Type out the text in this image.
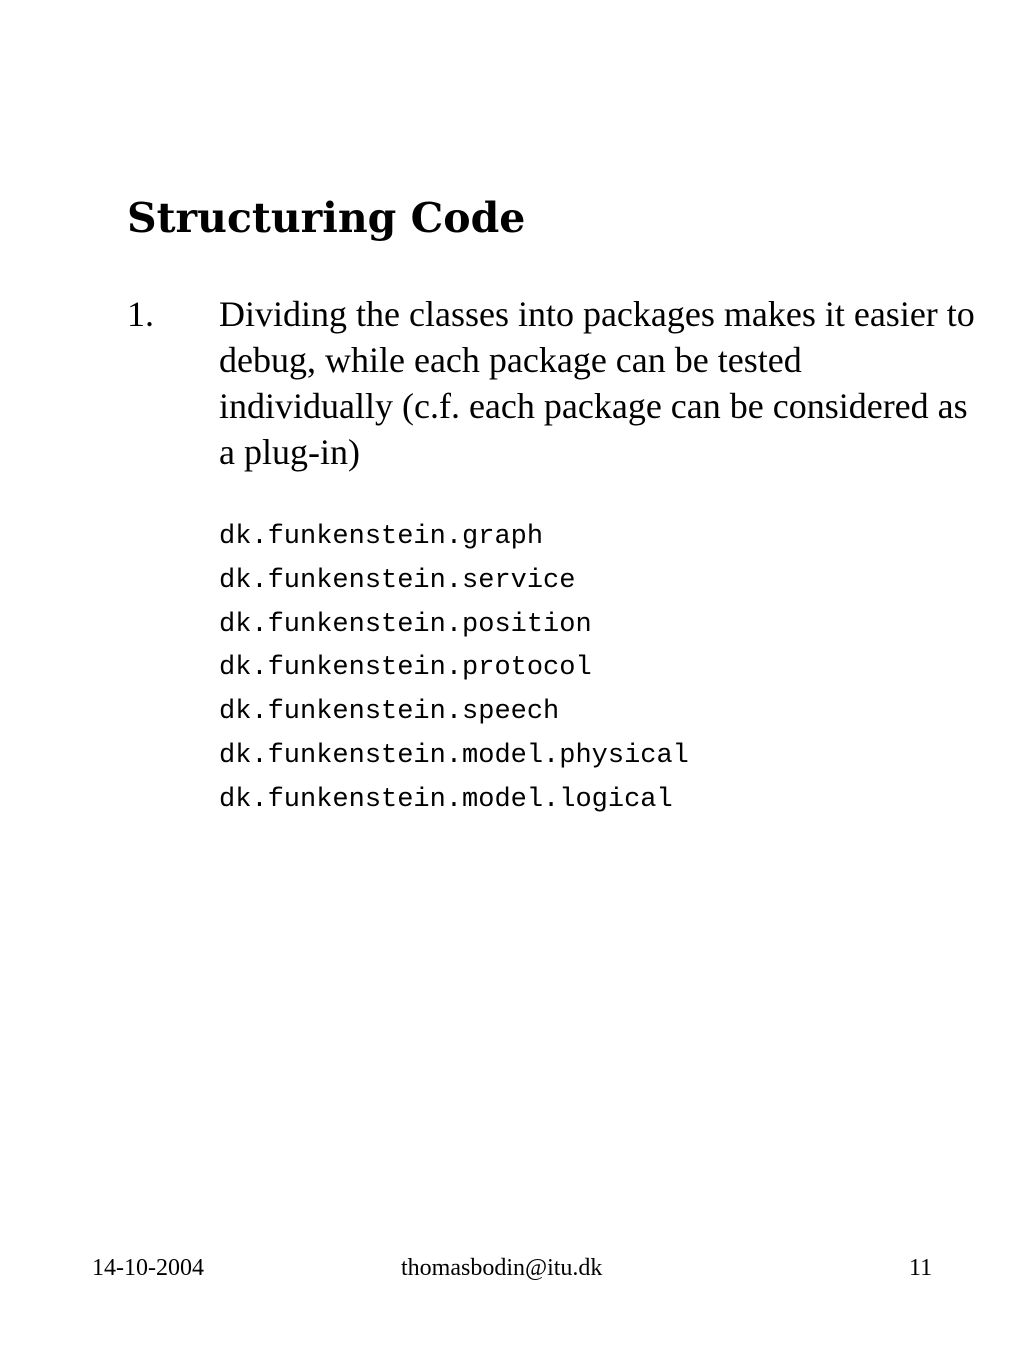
Structuring Code
1.	Dividing the classes into packages makes it easier to debug, while each package can be tested individually (c.f. each package can be considered as a plug-in)

dk.funkenstein.graph
dk.funkenstein.service
dk.funkenstein.position
dk.funkenstein.protocol
dk.funkenstein.speech
dk.funkenstein.model.physical
dk.funkenstein.model.logical
14-10-2004	thomasbodin@itu.dk	11
